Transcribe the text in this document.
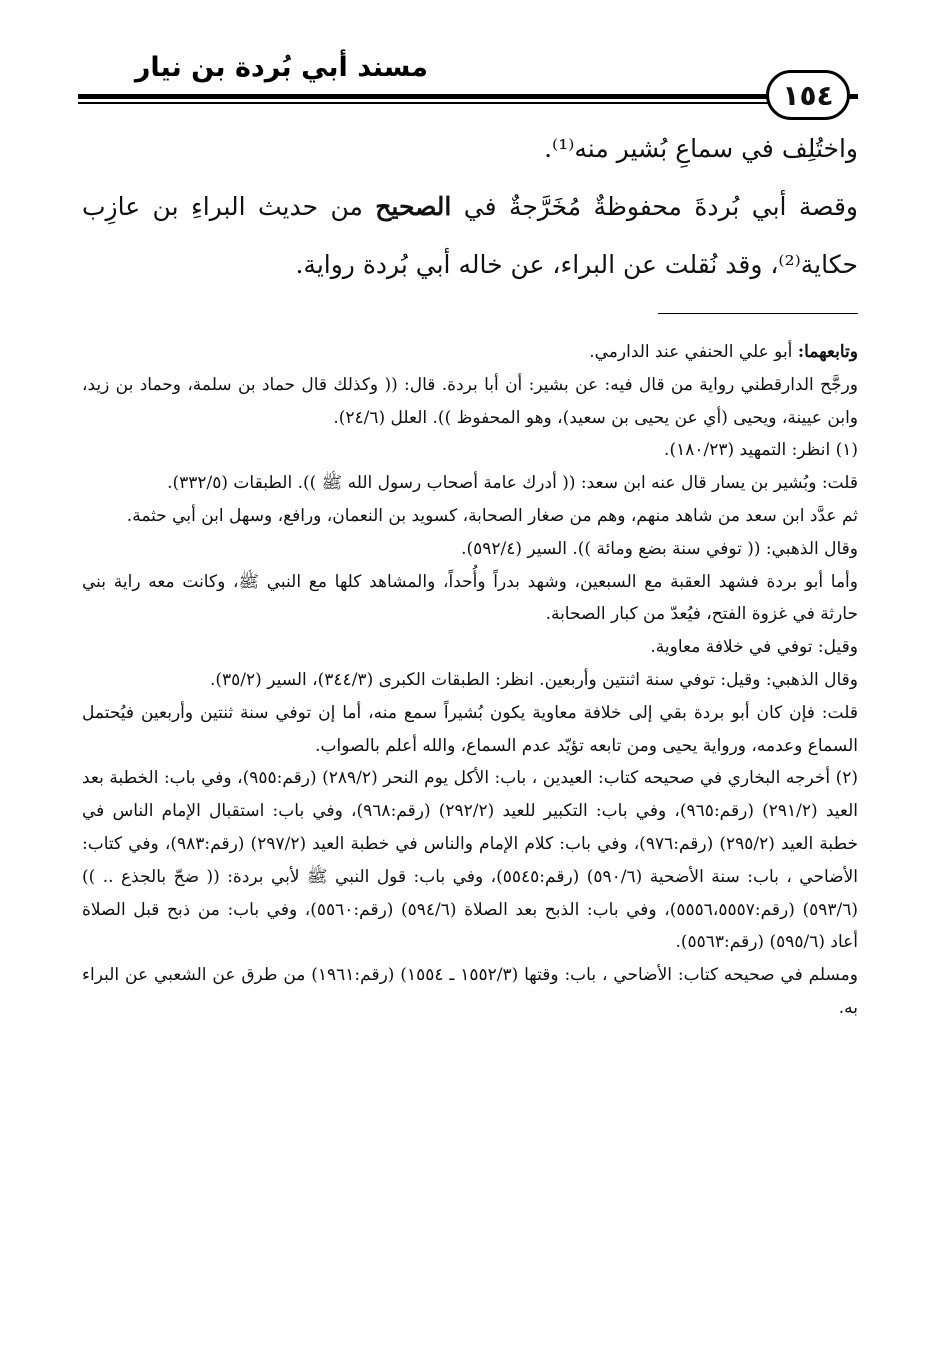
مسند أبي بُردة بن نيار
١٥٤

واختُلِف في سماعِ بُشير منه⁽¹⁾.

وقصة أبي بُردةَ محفوظةٌ مُخَرَّجةٌ في الصحيح من حديث البراءِ بن عازِب حكاية⁽²⁾، وقد نُقلت عن البراء، عن خاله أبي بُردة رواية.

وتابعهما: أبو علي الحنفي عند الدارمي.

ورجَّح الدارقطني رواية من قال فيه: عن بشير: أن أبا بردة. قال: (( وكذلك قال حماد بن سلمة، وحماد بن زيد، وابن عيينة، ويحيى (أي عن يحيى بن سعيد)، وهو المحفوظ )). العلل (٢٤/٦).

(١) انظر: التمهيد (١٨٠/٢٣).

قلت: وبُشير بن يسار قال عنه ابن سعد: (( أدرك عامة أصحاب رسول الله ﷺ )). الطبقات (٣٣٢/٥).

ثم عدَّد ابن سعد من شاهد منهم، وهم من صغار الصحابة، كسويد بن النعمان، ورافع، وسهل ابن أبي حثمة.

وقال الذهبي: (( توفي سنة بضع ومائة )). السير (٥٩٢/٤).

وأما أبو بردة فشهد العقبة مع السبعين، وشهد بدراً وأُحداً، والمشاهد كلها مع النبي ﷺ، وكانت معه راية بني حارثة في غزوة الفتح، فيُعدّ من كبار الصحابة.

وقيل: توفي في خلافة معاوية.

وقال الذهبي: وقيل: توفي سنة اثنتين وأربعين. انظر: الطبقات الكبرى (٣٤٤/٣)، السير (٣٥/٢).

قلت: فإن كان أبو بردة بقي إلى خلافة معاوية يكون بُشيراً سمع منه، أما إن توفي سنة ثنتين وأربعين فيُحتمل السماع وعدمه، ورواية يحيى ومن تابعه تؤيّد عدم السماع، والله أعلم بالصواب.

(٢) أخرجه البخاري في صحيحه كتاب: العيدين ، باب: الأكل يوم النحر (٢٨٩/٢) (رقم:٩٥٥)، وفي باب: الخطبة بعد العيد (٢٩١/٢) (رقم:٩٦٥)، وفي باب: التكبير للعيد (٢٩٢/٢) (رقم:٩٦٨)، وفي باب: استقبال الإمام الناس في خطبة العيد (٢٩٥/٢) (رقم:٩٧٦)، وفي باب: كلام الإمام والناس في خطبة العيد (٢٩٧/٢) (رقم:٩٨٣)، وفي كتاب: الأضاحي ، باب: سنة الأضحية (٥٩٠/٦) (رقم:٥٥٤٥)، وفي باب: قول النبي ﷺ لأبي بردة: (( ضحّ بالجذع .. )) (٥٩٣/٦) (رقم:٥٥٥٦،٥٥٥٧)، وفي باب: الذبح بعد الصلاة (٥٩٤/٦) (رقم:٥٥٦٠)، وفي باب: من ذبح قبل الصلاة أعاد (٥٩٥/٦) (رقم:٥٥٦٣).

ومسلم في صحيحه كتاب: الأضاحي ، باب: وقتها (١٥٥٢/٣ ـ ١٥٥٤) (رقم:١٩٦١) من طرق عن الشعبي عن البراء به.
